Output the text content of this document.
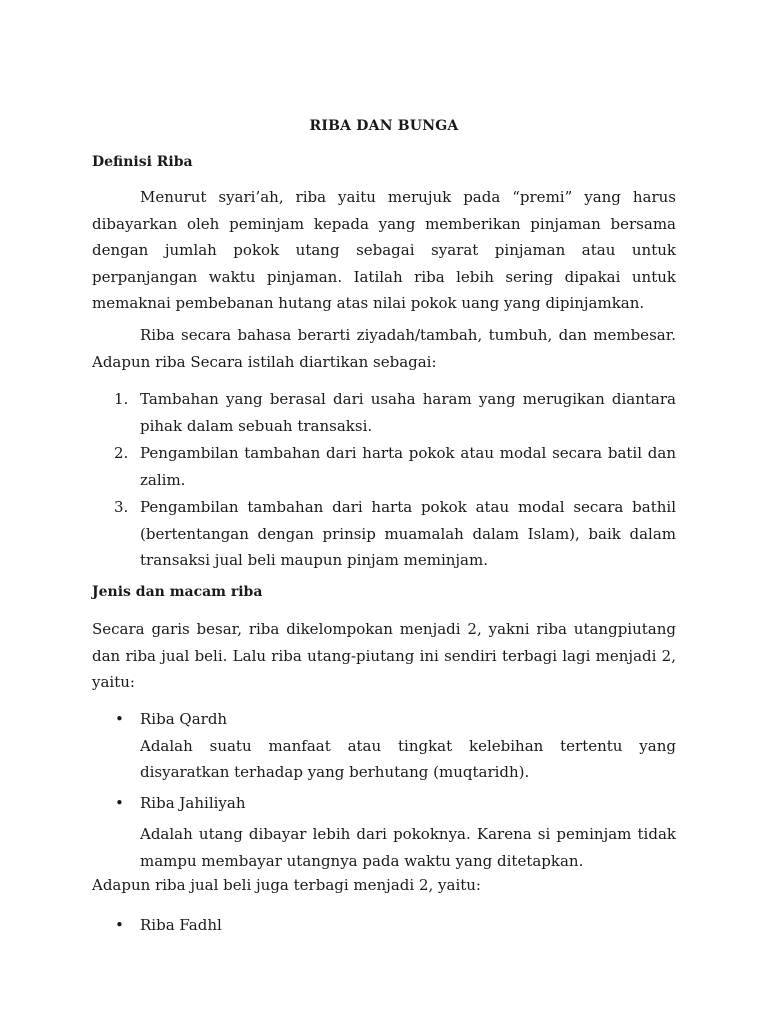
RIBA DAN BUNGA
Definisi Riba
Menurut syari’ah, riba yaitu merujuk pada “premi” yang harus dibayarkan oleh peminjam kepada yang memberikan pinjaman bersama dengan jumlah pokok utang sebagai syarat pinjaman atau untuk perpanjangan waktu pinjaman. Iatilah riba lebih sering dipakai untuk memaknai pembebanan hutang atas nilai pokok uang yang dipinjamkan.
Riba secara bahasa berarti ziyadah/tambah, tumbuh, dan membesar. Adapun riba Secara istilah diartikan sebagai:
1. Tambahan yang berasal dari usaha haram yang merugikan diantara pihak dalam sebuah transaksi.
2. Pengambilan tambahan dari harta pokok atau modal secara batil dan zalim.
3. Pengambilan tambahan dari harta pokok atau modal secara bathil (bertentangan dengan prinsip muamalah dalam Islam), baik dalam transaksi jual beli maupun pinjam meminjam.
Jenis dan macam riba
Secara garis besar, riba dikelompokan menjadi 2, yakni riba utangpiutang dan riba jual beli. Lalu riba utang-piutang ini sendiri terbagi lagi menjadi 2, yaitu:
• Riba Qardh
Adalah suatu manfaat atau tingkat kelebihan tertentu yang disyaratkan terhadap yang berhutang (muqtaridh).
• Riba Jahiliyah
Adalah utang dibayar lebih dari pokoknya. Karena si peminjam tidak mampu membayar utangnya pada waktu yang ditetapkan.
Adapun riba jual beli juga terbagi menjadi 2, yaitu:
• Riba Fadhl
